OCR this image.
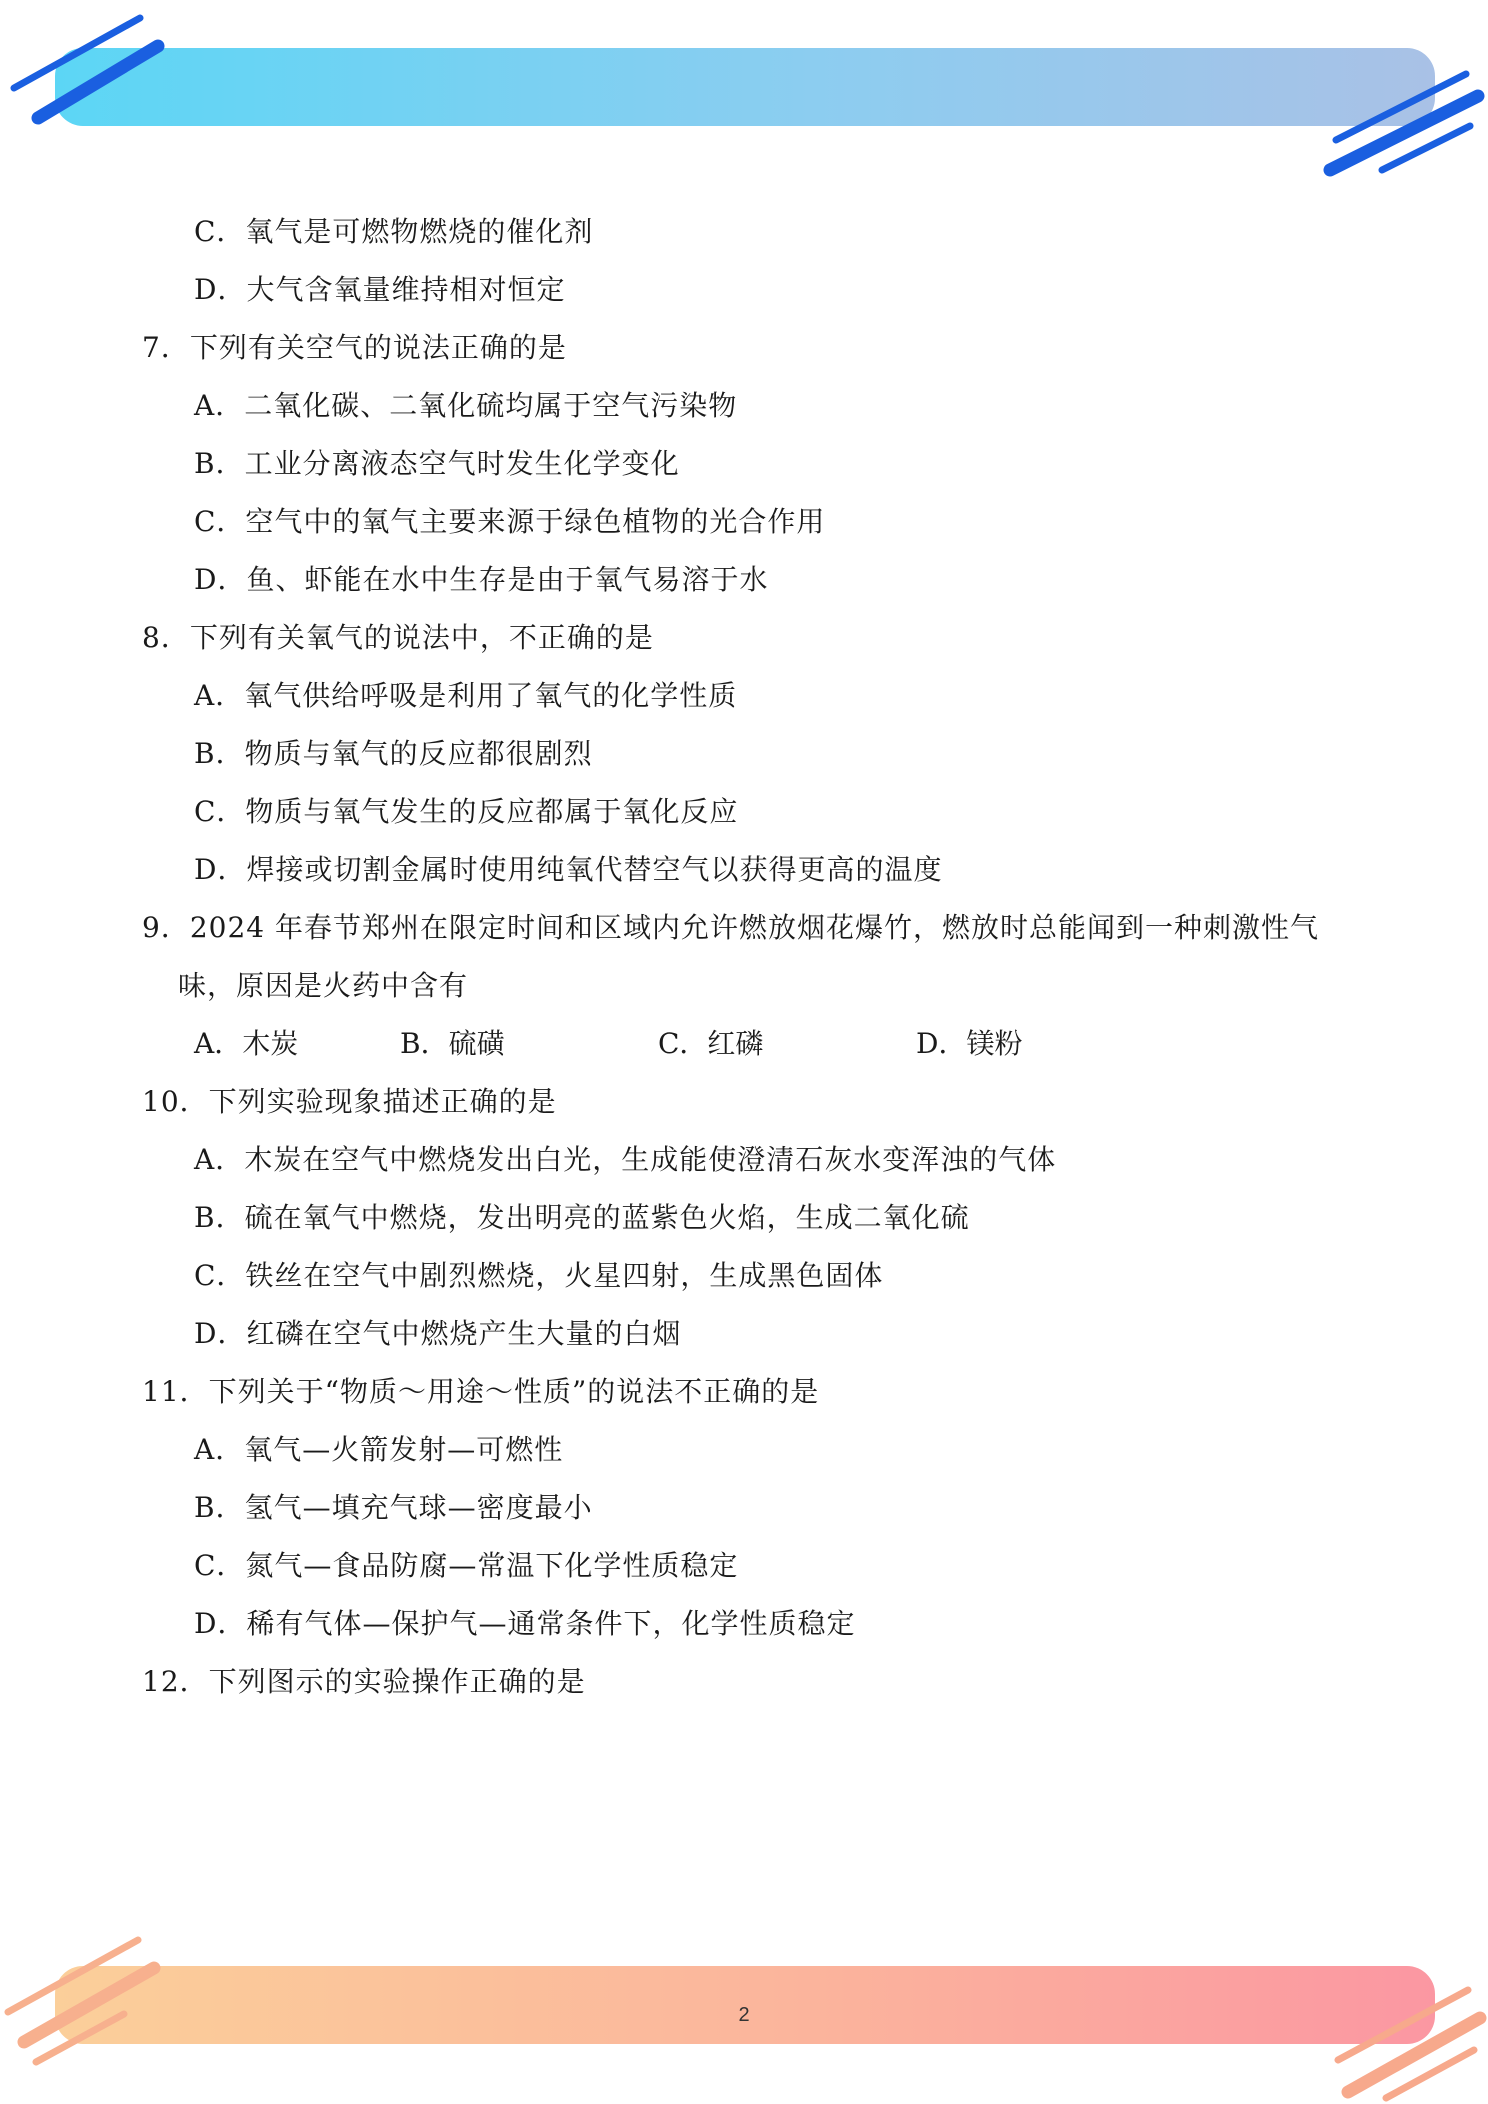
C．氧气是可燃物燃烧的催化剂
D．大气含氧量维持相对恒定
7．下列有关空气的说法正确的是
A．二氧化碳、二氧化硫均属于空气污染物
B．工业分离液态空气时发生化学变化
C．空气中的氧气主要来源于绿色植物的光合作用
D．鱼、虾能在水中生存是由于氧气易溶于水
8．下列有关氧气的说法中，不正确的是
A．氧气供给呼吸是利用了氧气的化学性质
B．物质与氧气的反应都很剧烈
C．物质与氧气发生的反应都属于氧化反应
D．焊接或切割金属时使用纯氧代替空气以获得更高的温度
9．2024 年春节郑州在限定时间和区域内允许燃放烟花爆竹，燃放时总能闻到一种刺激性气
味，原因是火药中含有
A．木炭	B．硫磺	C．红磷	D．镁粉
10．下列实验现象描述正确的是
A．木炭在空气中燃烧发出白光，生成能使澄清石灰水变浑浊的气体
B．硫在氧气中燃烧，发出明亮的蓝紫色火焰，生成二氧化硫
C．铁丝在空气中剧烈燃烧，火星四射，生成黑色固体
D．红磷在空气中燃烧产生大量的白烟
11．下列关于“物质～用途～性质”的说法不正确的是
A．氧气—火箭发射—可燃性
B．氢气—填充气球—密度最小
C．氮气—食品防腐—常温下化学性质稳定
D．稀有气体—保护气—通常条件下，化学性质稳定
12．下列图示的实验操作正确的是
2
